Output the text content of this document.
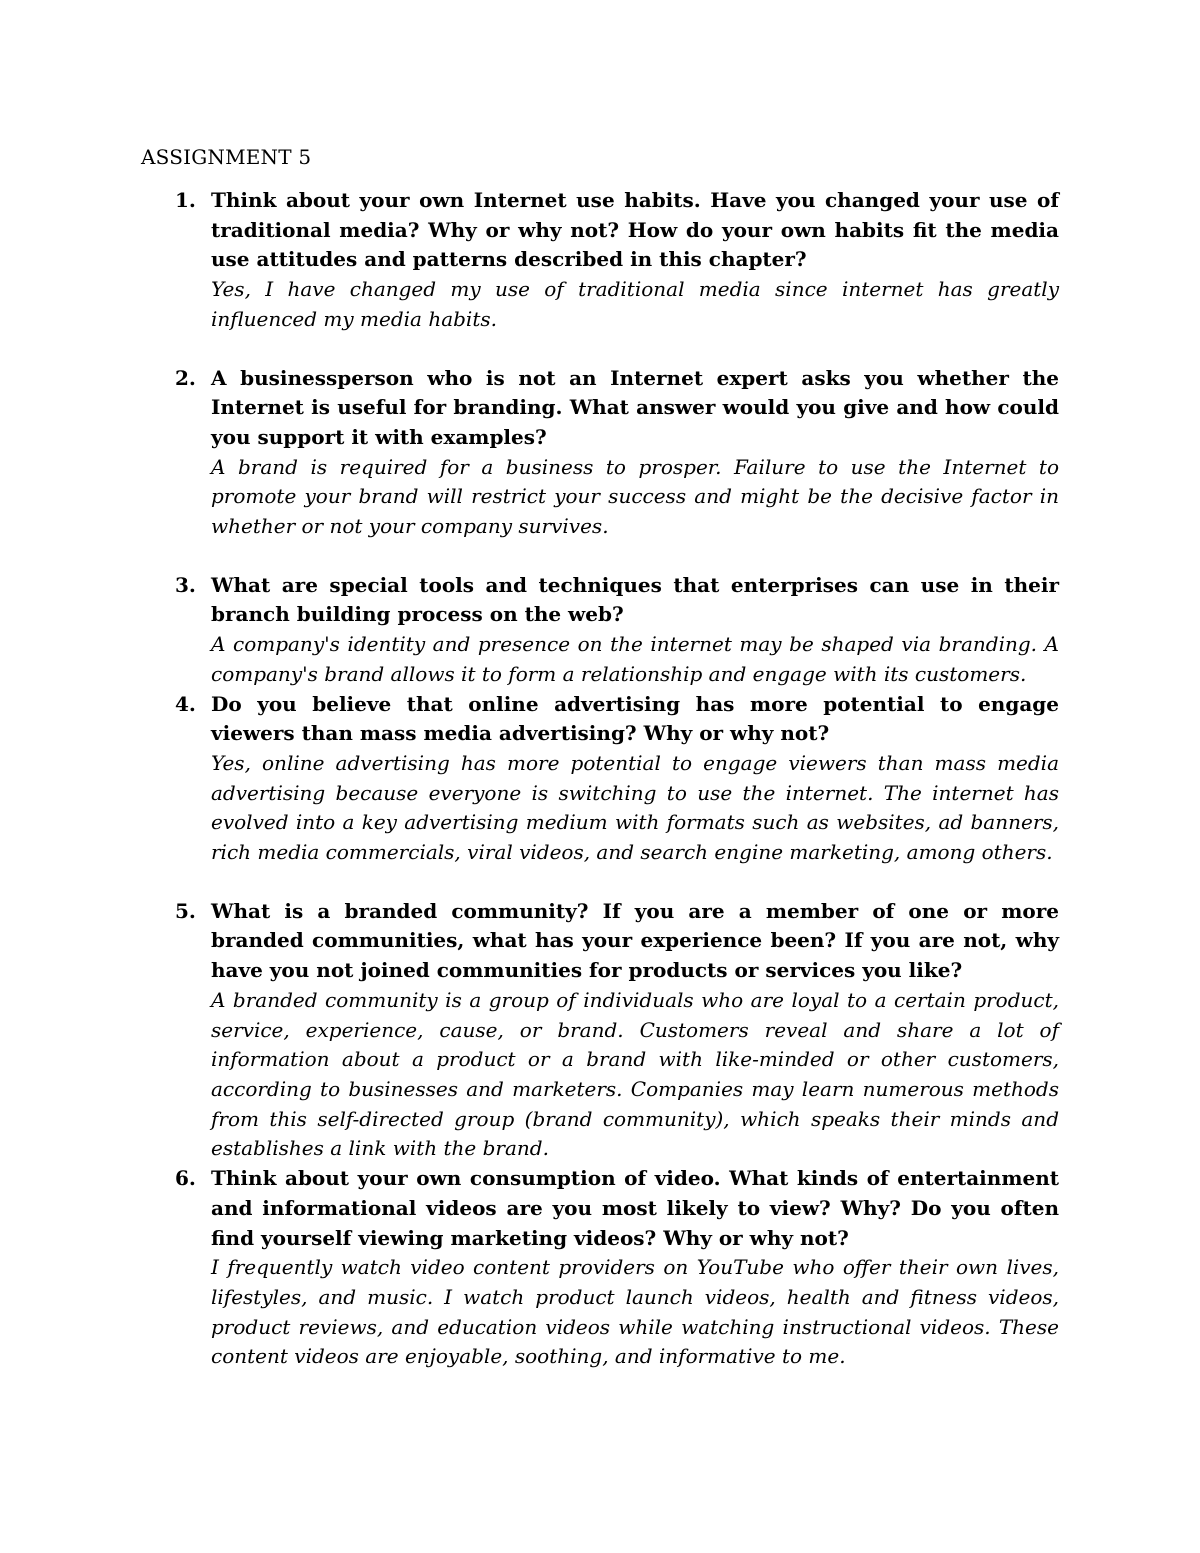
ASSIGNMENT 5
1. Think about your own Internet use habits. Have you changed your use of traditional media? Why or why not? How do your own habits fit the media use attitudes and patterns described in this chapter?

Yes, I have changed my use of traditional media since internet has greatly influenced my media habits.

2. A businessperson who is not an Internet expert asks you whether the Internet is useful for branding. What answer would you give and how could you support it with examples?

A brand is required for a business to prosper. Failure to use the Internet to promote your brand will restrict your success and might be the decisive factor in whether or not your company survives.

3. What are special tools and techniques that enterprises can use in their branch building process on the web?

A company's identity and presence on the internet may be shaped via branding. A company's brand allows it to form a relationship and engage with its customers.

4. Do you believe that online advertising has more potential to engage viewers than mass media advertising? Why or why not?

Yes, online advertising has more potential to engage viewers than mass media advertising because everyone is switching to use the internet. The internet has evolved into a key advertising medium with formats such as websites, ad banners, rich media commercials, viral videos, and search engine marketing, among others.

5. What is a branded community? If you are a member of one or more branded communities, what has your experience been? If you are not, why have you not joined communities for products or services you like?

A branded community is a group of individuals who are loyal to a certain product, service, experience, cause, or brand. Customers reveal and share a lot of information about a product or a brand with like-minded or other customers, according to businesses and marketers. Companies may learn numerous methods from this self-directed group (brand community), which speaks their minds and establishes a link with the brand.

6. Think about your own consumption of video. What kinds of entertainment and informational videos are you most likely to view? Why? Do you often find yourself viewing marketing videos? Why or why not?

I frequently watch video content providers on YouTube who offer their own lives, lifestyles, and music. I watch product launch videos, health and fitness videos, product reviews, and education videos while watching instructional videos. These content videos are enjoyable, soothing, and informative to me.
